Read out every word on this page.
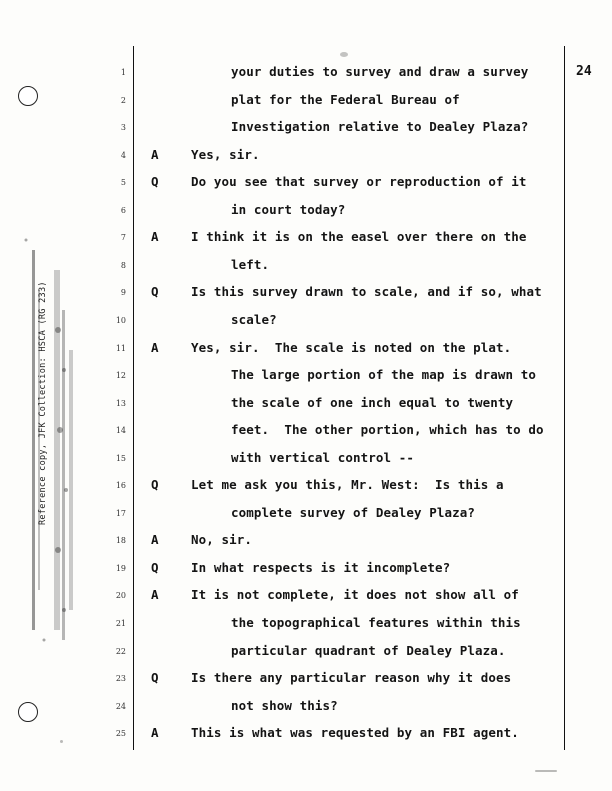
Reference copy, JFK Collection: HSCA (RG 233)
24
1	your duties to survey and draw a survey
2	plat for the Federal Bureau of
3	Investigation relative to Dealey Plaza?
4 A	Yes, sir.
5 Q	Do you see that survey or reproduction of it
6	in court today?
7 A	I think it is on the easel over there on the
8	left.
9 Q	Is this survey drawn to scale, and if so, what
10	scale?
11 A	Yes, sir.  The scale is noted on the plat.
12	The large portion of the map is drawn to
13	the scale of one inch equal to twenty
14	feet.  The other portion, which has to do
15	with vertical control --
16 Q	Let me ask you this, Mr. West:  Is this a
17	complete survey of Dealey Plaza?
18 A	No, sir.
19 Q	In what respects is it incomplete?
20 A	It is not complete, it does not show all of
21	the topographical features within this
22	particular quadrant of Dealey Plaza.
23 Q	Is there any particular reason why it does
24	not show this?
25 A	This is what was requested by an FBI agent.
